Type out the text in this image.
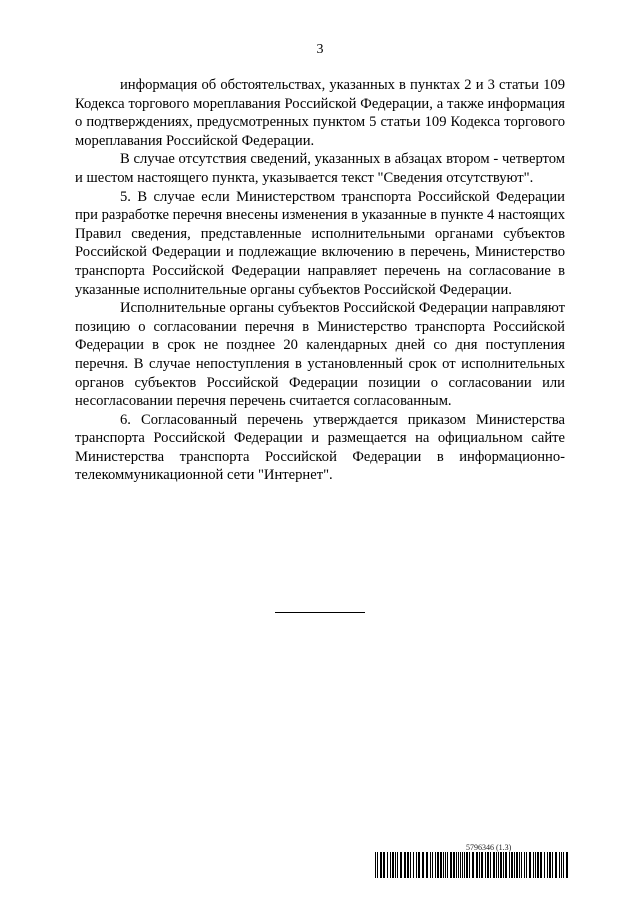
3

информация об обстоятельствах, указанных в пунктах 2 и 3 статьи 109 Кодекса торгового мореплавания Российской Федерации, а также информация о подтверждениях, предусмотренных пунктом 5 статьи 109 Кодекса торгового мореплавания Российской Федерации.

В случае отсутствия сведений, указанных в абзацах втором - четвертом и шестом настоящего пункта, указывается текст "Сведения отсутствуют".

5. В случае если Министерством транспорта Российской Федерации при разработке перечня внесены изменения в указанные в пункте 4 настоящих Правил сведения, представленные исполнительными органами субъектов Российской Федерации и подлежащие включению в перечень, Министерство транспорта Российской Федерации направляет перечень на согласование в указанные исполнительные органы субъектов Российской Федерации.

Исполнительные органы субъектов Российской Федерации направляют позицию о согласовании перечня в Министерство транспорта Российской Федерации в срок не позднее 20 календарных дней со дня поступления перечня. В случае непоступления в установленный срок от исполнительных органов субъектов Российской Федерации позиции о согласовании или несогласовании перечня перечень считается согласованным.

6. Согласованный перечень утверждается приказом Министерства транспорта Российской Федерации и размещается на официальном сайте Министерства транспорта Российской Федерации в информационно-телекоммуникационной сети "Интернет".

5796346 (1.3)
